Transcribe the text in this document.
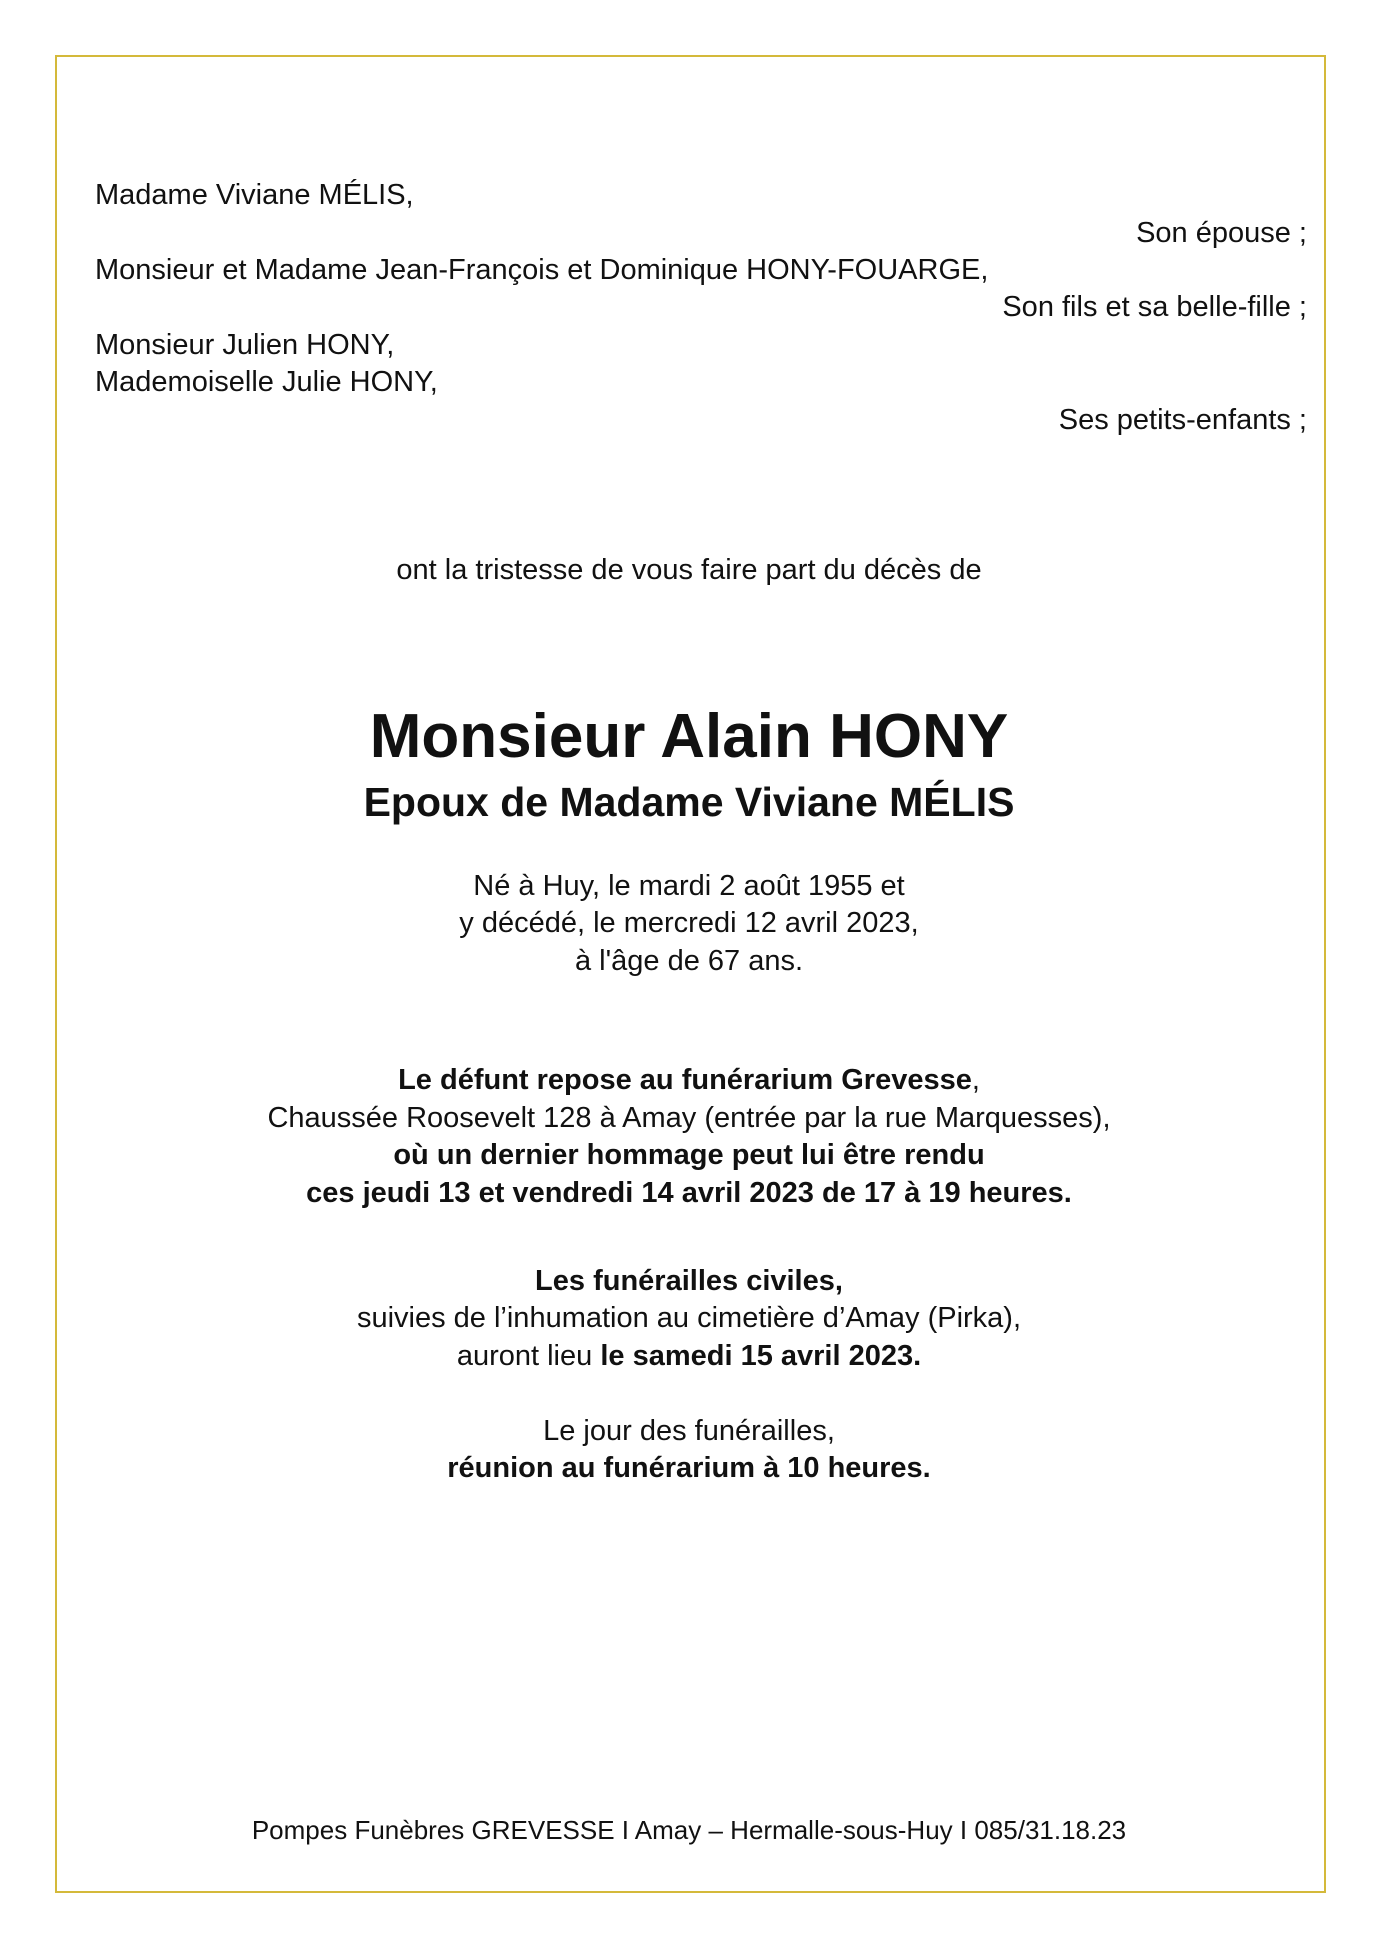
Madame Viviane MÉLIS,
Son épouse ;
Monsieur et Madame Jean-François et Dominique HONY-FOUARGE,
Son fils et sa belle-fille ;
Monsieur Julien HONY,
Mademoiselle Julie HONY,
Ses petits-enfants ;
ont la tristesse de vous faire part du décès de
Monsieur Alain HONY
Epoux de Madame Viviane MÉLIS
Né à Huy, le mardi 2 août 1955 et
y décédé, le mercredi 12 avril 2023,
à l'âge de 67 ans.
Le défunt repose au funérarium Grevesse,
Chaussée Roosevelt 128 à Amay (entrée par la rue Marquesses),
où un dernier hommage peut lui être rendu
ces jeudi 13 et vendredi 14 avril 2023 de 17 à 19 heures.
Les funérailles civiles,
suivies de l’inhumation au cimetière d’Amay (Pirka),
auront lieu le samedi 15 avril 2023.
Le jour des funérailles,
réunion au funérarium à 10 heures.
Pompes Funèbres GREVESSE I Amay – Hermalle-sous-Huy I 085/31.18.23
